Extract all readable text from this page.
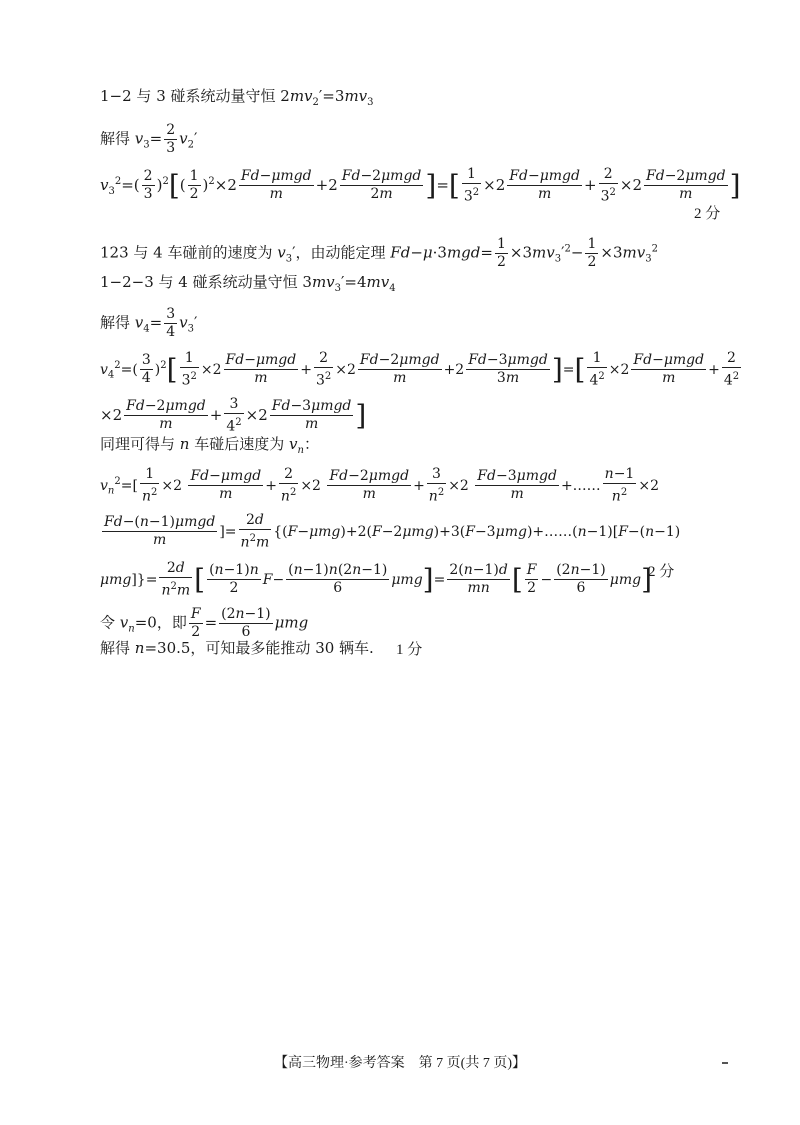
1−2 与 3 碰系统动量守恒 $2mv_2'=3mv_3$
解得 $v_3= \frac{2}{3} v_2'$
$v_3^2=( \frac{2}{3} )^2[( \frac{1}{2} )^2\times 2 \frac{\text{Fd−μmgd}}{m} +2 \frac{\text{Fd−2μmgd}}{2m}$ ]=[ $\frac{1}{3^2} \times 2 \frac{\text{Fd−μmgd}}{m} + \frac{2}{3^2} \times 2 \frac{\text{Fd−2μmgd}}{m}$ ]
2 分
123 与 4 车碰前的速度为 $v_3'$，由动能定理 $Fd-\mu\cdot 3mgd= \frac{1}{2} \times 3mv_3'^2- \frac{1}{2} \times 3mv_3^2$
1−2−3 与 4 碰系统动量守恒 $3mv_3'=4mv_4$
解得 $v_4= \frac{3}{4} v_3'$
$v_4^2=( \frac{3}{4} )^2[ \frac{1}{3^2} \times 2 \frac{\text{Fd−μmgd}}{m} + \frac{2}{3^2} \times 2 \frac{\text{Fd−2μmgd}}{m} +2 \frac{\text{Fd−3μmgd}}{3m}$ ]=[ $\frac{1}{4^2} \times 2 \frac{\text{Fd−μmgd}}{m} + \frac{2}{4^2}$
$\times 2 \frac{\text{Fd−2μmgd}}{m} + \frac{3}{4^2} \times 2 \frac{\text{Fd−3μmgd}}{m}$ ]
同理可得与 n 车碰后速度为 $v_n$：
$v_n^2=[ \frac{1}{n^2} \times 2 \frac{\text{Fd−μmgd}}{m} + \frac{2}{n^2} \times 2 \frac{\text{Fd−2μmgd}}{m} + \frac{3}{n^2} \times 2 \frac{\text{Fd−3μmgd}}{m}$ +…… $\frac{n-1}{n^2} \times 2$
$\frac{\text{Fd−(n−1)μmgd}}{m}$ ]= $\frac{2d}{n^2m}$ {(F−μmg)+2(F−2μmg)+3(F−3μmg)+……(n−1)[F−(n−1)
$\mu mg]\}= \frac{2d}{n^2m}$ [ $\frac{(n-1)n}{2} F- \frac{(n-1)n(2n-1)}{6} \mu mg]= \frac{2(n-1)d}{mn}$ [ $\frac{F}{2} - \frac{(2n-1)}{6} \mu mg$]
2 分
令 $v_n=0$，即 $\frac{F}{2} = \frac{(2n-1)}{6}$ μmg
解得 n=30.5，可知最多能推动 30 辆车. 1 分
【高三物理·参考答案　第 7 页(共 7 页)】
